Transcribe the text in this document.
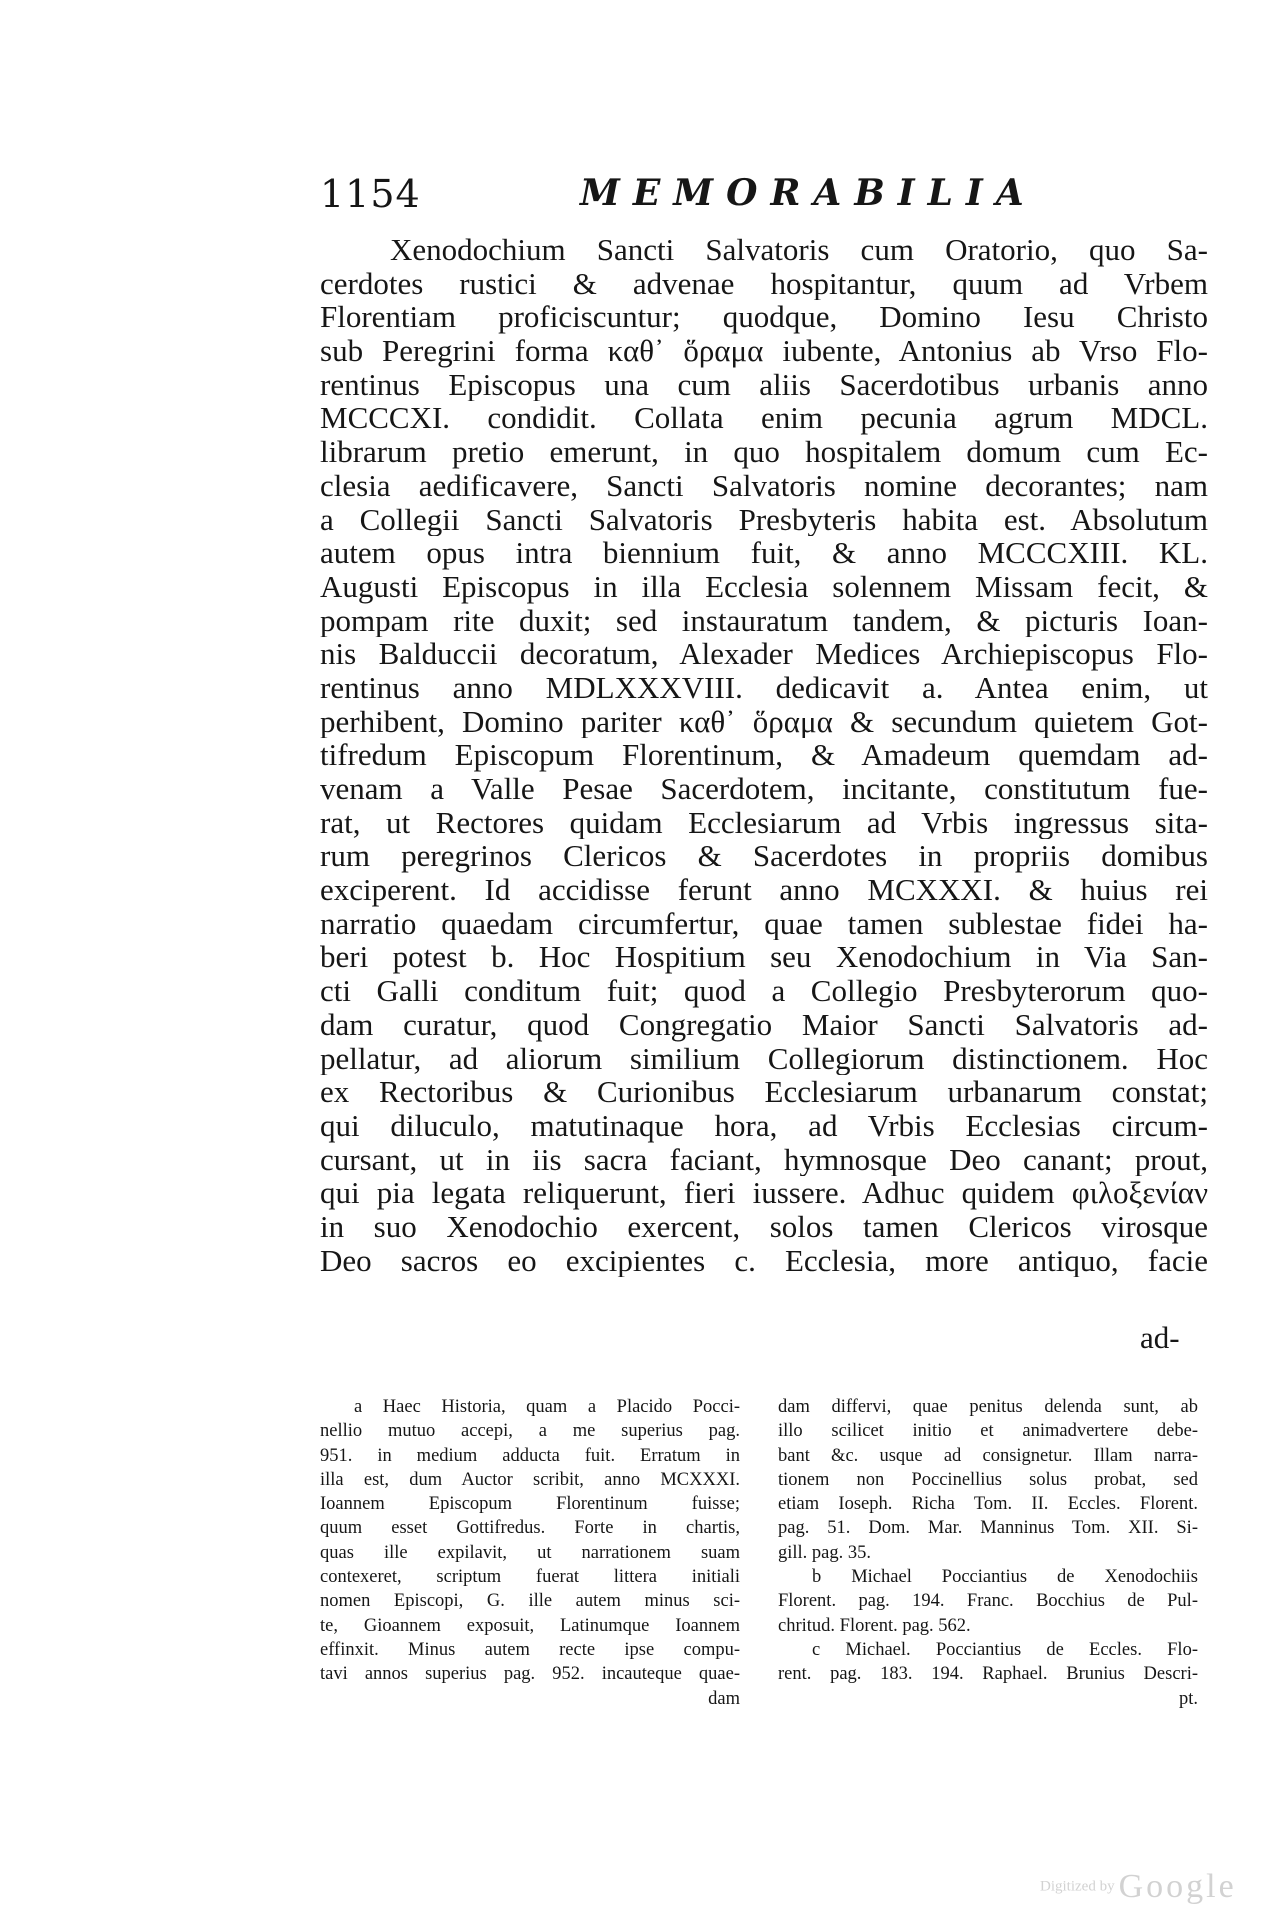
1154	MEMORABILIA
Xenodochium Sancti Salvatoris cum Oratorio, quo Sa-
cerdotes rustici & advenae hospitantur, quum ad Vrbem
Florentiam proficiscuntur; quodque, Domino Iesu Christo
sub Peregrini forma καθ᾽ ὅραμα iubente, Antonius ab Vrso Flo-
rentinus Episcopus una cum aliis Sacerdotibus urbanis anno
MCCCXI. condidit. Collata enim pecunia agrum MDCL.
librarum pretio emerunt, in quo hospitalem domum cum Ec-
clesia aedificavere, Sancti Salvatoris nomine decorantes; nam
a Collegii Sancti Salvatoris Presbyteris habita est. Absolutum
autem opus intra biennium fuit, & anno MCCCXIII. KL.
Augusti Episcopus in illa Ecclesia solennem Missam fecit, &
pompam rite duxit; sed instauratum tandem, & picturis Ioan-
nis Balduccii decoratum, Alexader Medices Archiepiscopus Flo-
rentinus anno MDLXXXVIII. dedicavit a. Antea enim, ut
perhibent, Domino pariter καθ᾽ ὅραμα & secundum quietem Got-
tifredum Episcopum Florentinum, & Amadeum quemdam ad-
venam a Valle Pesae Sacerdotem, incitante, constitutum fue-
rat, ut Rectores quidam Ecclesiarum ad Vrbis ingressus sita-
rum peregrinos Clericos & Sacerdotes in propriis domibus
exciperent. Id accidisse ferunt anno MCXXXI. & huius rei
narratio quaedam circumfertur, quae tamen sublestae fidei ha-
beri potest b. Hoc Hospitium seu Xenodochium in Via San-
cti Galli conditum fuit; quod a Collegio Presbyterorum quo-
dam curatur, quod Congregatio Maior Sancti Salvatoris ad-
pellatur, ad aliorum similium Collegiorum distinctionem. Hoc
ex Rectoribus & Curionibus Ecclesiarum urbanarum constat;
qui diluculo, matutinaque hora, ad Vrbis Ecclesias circum-
cursant, ut in iis sacra faciant, hymnosque Deo canant; prout,
qui pia legata reliquerunt, fieri iussere. Adhuc quidem φιλοξενίαν
in suo Xenodochio exercent, solos tamen Clericos virosque
Deo sacros eo excipientes c. Ecclesia, more antiquo, facie
ad-
a Haec Historia, quam a Placido Pocci-
nellio mutuo accepi, a me superius pag.
951. in medium adducta fuit. Erratum in
illa est, dum Auctor scribit, anno MCXXXI.
Ioannem Episcopum Florentinum fuisse;
quum esset Gottifredus. Forte in chartis,
quas ille expilavit, ut narrationem suam
contexeret, scriptum fuerat littera initiali
nomen Episcopi, G. ille autem minus sci-
te, Gioannem exposuit, Latinumque Ioannem
effinxit. Minus autem recte ipse compu-
tavi annos superius pag. 952. incauteque quae-
dam
dam differvi, quae penitus delenda sunt, ab
illo scilicet initio et animadvertere debe-
bant &c. usque ad consignetur. Illam narra-
tionem non Poccinellius solus probat, sed
etiam Ioseph. Richa Tom. II. Eccles. Florent.
pag. 51. Dom. Mar. Manninus Tom. XII. Si-
gill. pag. 35.
b Michael Pocciantius de Xenodochiis
Florent. pag. 194. Franc. Bocchius de Pul-
chritud. Florent. pag. 562.
c Michael. Pocciantius de Eccles. Flo-
rent. pag. 183. 194. Raphael. Brunius Descri-
pt.
Digitized by Google
